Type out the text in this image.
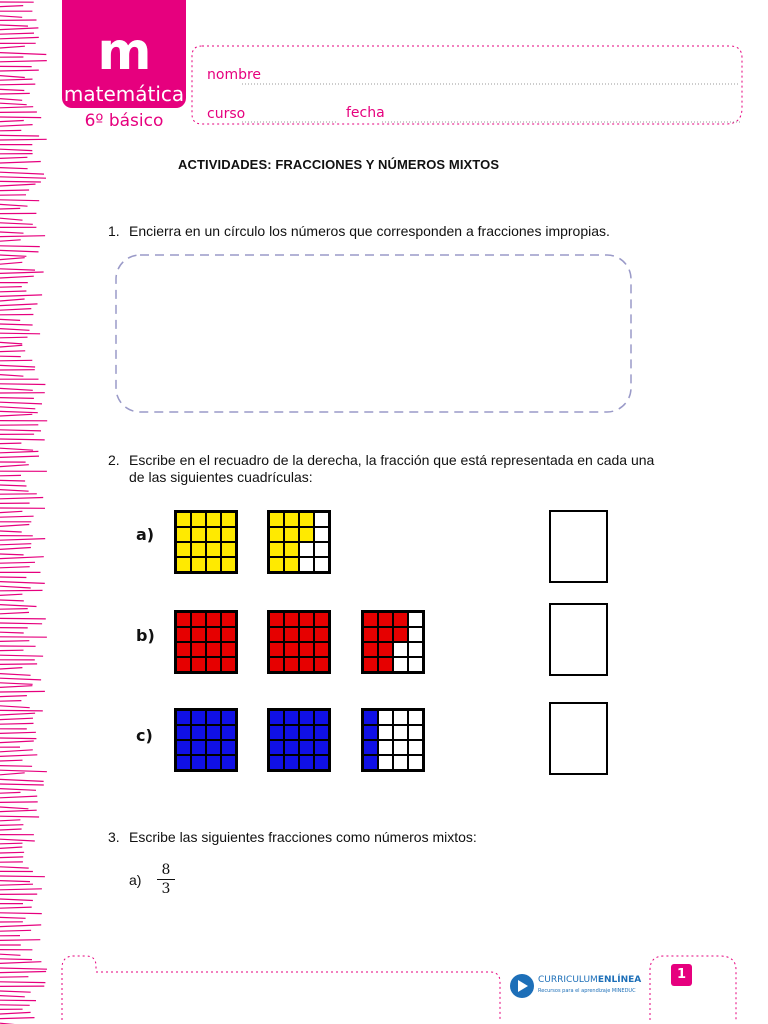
m
matemática
6º básico
nombre
curso	fecha
ACTIVIDADES: FRACCIONES Y NÚMEROS MIXTOS
1. Encierra en un círculo los números que corresponden a fracciones impropias.
2. Escribe en el recuadro de la derecha, la fracción que está representada en cada una
de las siguientes cuadrículas:
a)
b)
c)
3. Escribe las siguientes fracciones como números mixtos:
a)
8
3
CURRICULUMENLÍNEA
Recursos para el aprendizaje MINEDUC
1
